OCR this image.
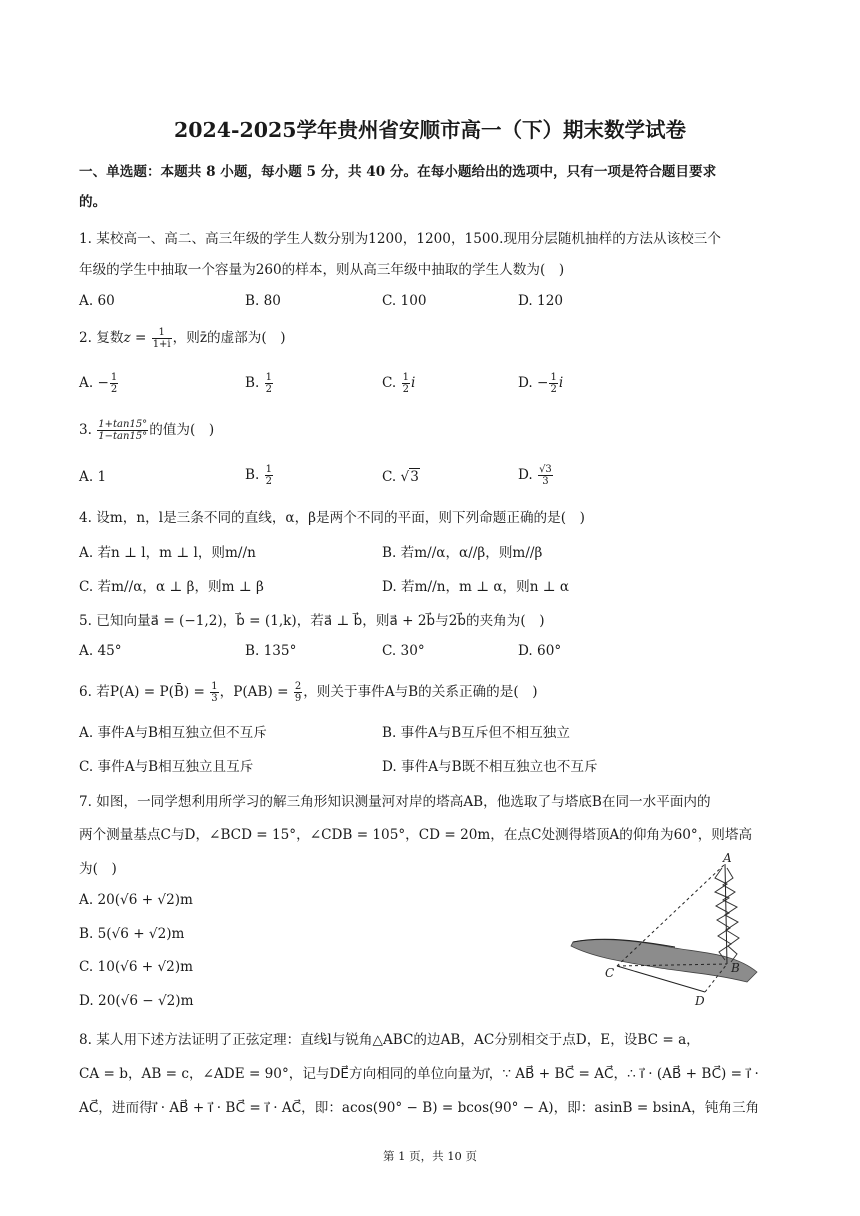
2024-2025学年贵州省安顺市高一（下）期末数学试卷
一、单选题：本题共 8 小题，每小题 5 分，共 40 分。在每小题给出的选项中，只有一项是符合题目要求
的。
1. 某校高一、高二、高三年级的学生人数分别为1200，1200，1500.现用分层随机抽样的方法从该校三个
年级的学生中抽取一个容量为260的样本，则从高三年级中抽取的学生人数为(　)
A. 60	B. 80	C. 100	D. 120
2. 复数$z = \frac{1}{1+i}$ ，则z̄的虚部为(　)
A. − $\frac{1}{2}$	B. $\frac{1}{2}$	C. $\frac{1}{2}$ i	D. − $\frac{1}{2}$ i
3. $\frac{1+\tan 15^\circ}{1-\tan 15^\circ}$ 的值为(　)
A. 1	B. $\frac{1}{2}$	C. √3	D. $\frac{√3}{3}$
4. 设m，n，l是三条不同的直线，α，β是两个不同的平面，则下列命题正确的是(　)
A. 若n ⊥ l，m ⊥ l，则m//n	B. 若m//α，α//β，则m//β
C. 若m//α，α ⊥ β，则m ⊥ β	D. 若m//n，m ⊥ α，则n ⊥ α
5. 已知向量a⃗ = (−1,2)，b⃗ = (1,k)，若a⃗ ⊥ b⃗，则a⃗ + 2b⃗与2b⃗的夹角为(　)
A. 45°	B. 135°	C. 30°	D. 60°
6. 若P(A) = P(B̄) = $\frac{1}{3}$ ，$P(AB) = \frac{2}{9}$ ，则关于事件A与B的关系正确的是(　)
A. 事件A与B相互独立但不互斥	B. 事件A与B互斥但不相互独立
C. 事件A与B相互独立且互斥	D. 事件A与B既不相互独立也不互斥
7. 如图，一同学想利用所学习的解三角形知识测量河对岸的塔高AB，他选取了与塔底B在同一水平面内的
两个测量基点C与D，∠BCD = 15°，∠CDB = 105°，CD = 20m，在点C处测得塔顶A的仰角为60°，则塔高
为(　)
A. 20(√6 + √2)m
B. 5(√6 + √2)m
C. 10(√6 + √2)m
D. 20(√6 − √2)m
A
B
C
D
8. 某人用下述方法证明了正弦定理：直线l与锐角△ABC的边AB，AC分别相交于点D，E，设BC = a，
CA = b，AB = c，∠ADE = 90°，记与DE⃗方向相同的单位向量为i⃗，∵ AB⃗ + BC⃗ = AC⃗，∴ i⃗ · (AB⃗ + BC⃗) = i⃗ ·
AC⃗，进而得i⃗ · AB⃗ + i⃗ · BC⃗ = i⃗ · AC⃗，即：acos(90° − B) = bcos(90° − A)，即：asinB = bsinA，钝角三角
第 1 页，共 10 页
